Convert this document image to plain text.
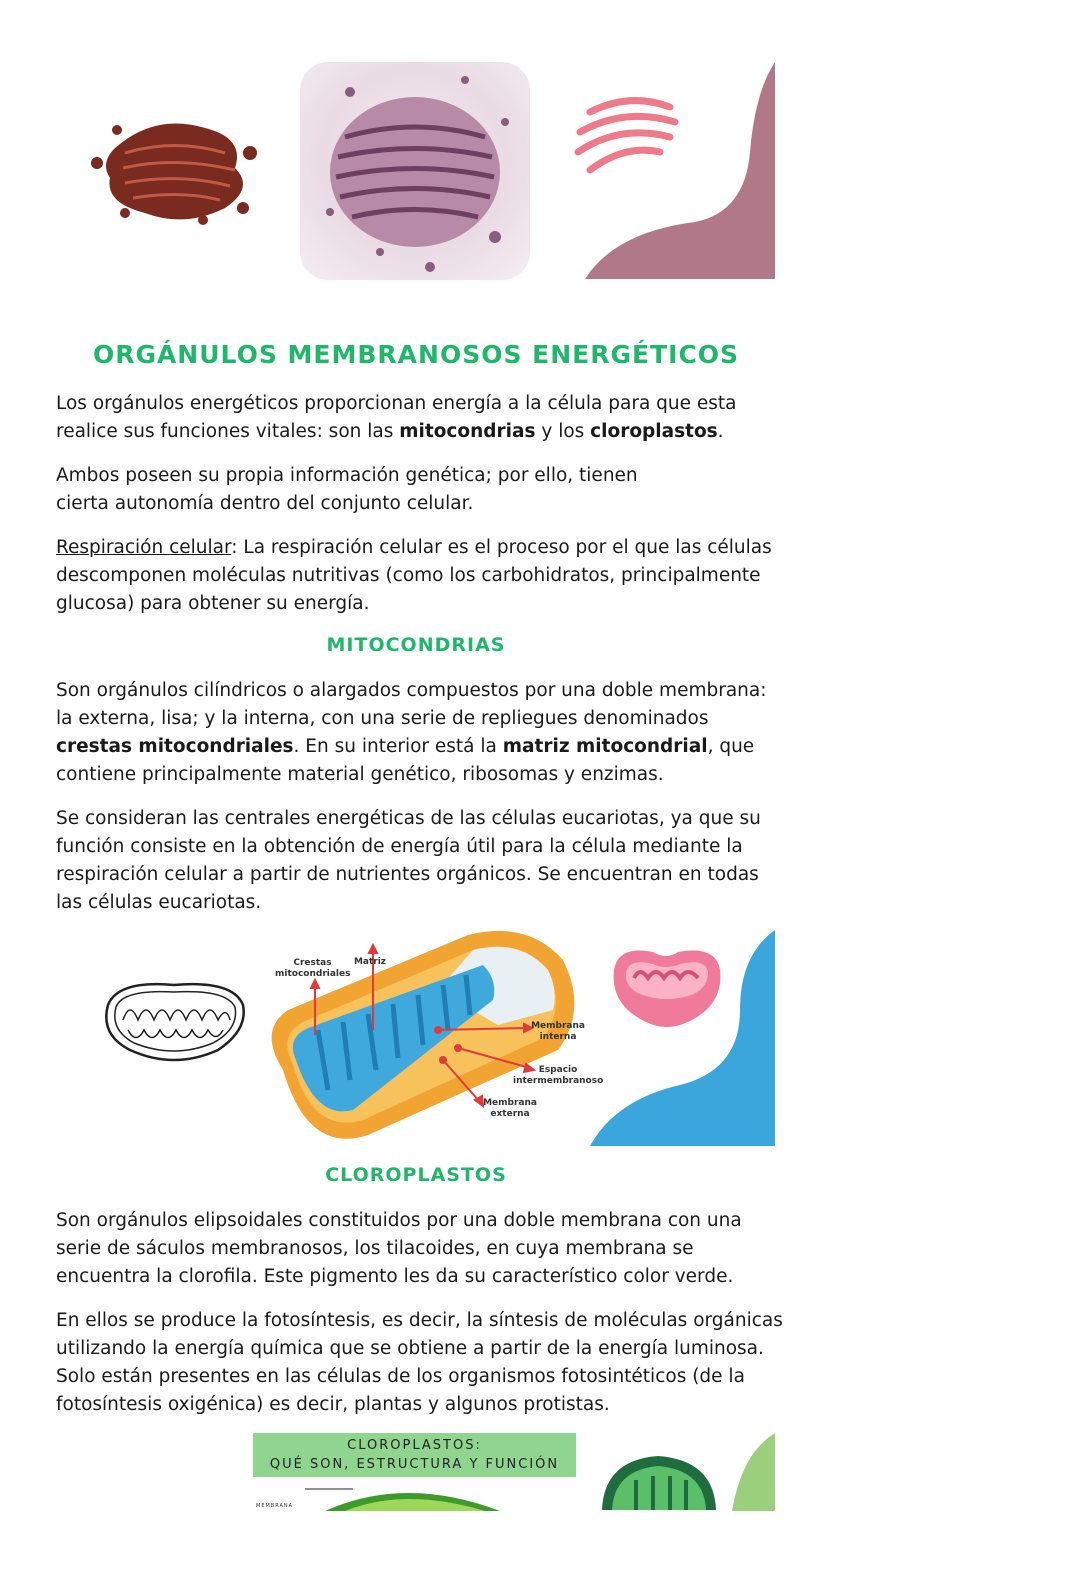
ORGÁNULOS MEMBRANOSOS ENERGÉTICOS
Los orgánulos energéticos proporcionan energía a la célula para que esta realice sus funciones vitales: son las mitocondrias y los cloroplastos.
Ambos poseen su propia información genética; por ello, tienen cierta autonomía dentro del conjunto celular.
Respiración celular: La respiración celular es el proceso por el que las células descomponen moléculas nutritivas (como los carbohidratos, principalmente glucosa) para obtener su energía.
MITOCONDRIAS
Son orgánulos cilíndricos o alargados compuestos por una doble membrana: la externa, lisa; y la interna, con una serie de repliegues denominados crestas mitocondriales. En su interior está la matriz mitocondrial, que contiene principalmente material genético, ribosomas y enzimas.
Se consideran las centrales energéticas de las células eucariotas, ya que su función consiste en la obtención de energía útil para la célula mediante la respiración celular a partir de nutrientes orgánicos. Se encuentran en todas las células eucariotas.
Crestas
mitocondriales
Matriz
Membrana
interna
Espacio
intermembranoso
Membrana
externa
CLOROPLASTOS
Son orgánulos elipsoidales constituidos por una doble membrana con una serie de sáculos membranosos, los tilacoides, en cuya membrana se encuentra la clorofila. Este pigmento les da su característico color verde.
En ellos se produce la fotosíntesis, es decir, la síntesis de moléculas orgánicas utilizando la energía química que se obtiene a partir de la energía luminosa. Solo están presentes en las células de los organismos fotosintéticos (de la fotosíntesis oxigénica) es decir, plantas y algunos protistas.
CLOROPLASTOS:
QUÉ SON, ESTRUCTURA Y FUNCIÓN
MEMBRANA
